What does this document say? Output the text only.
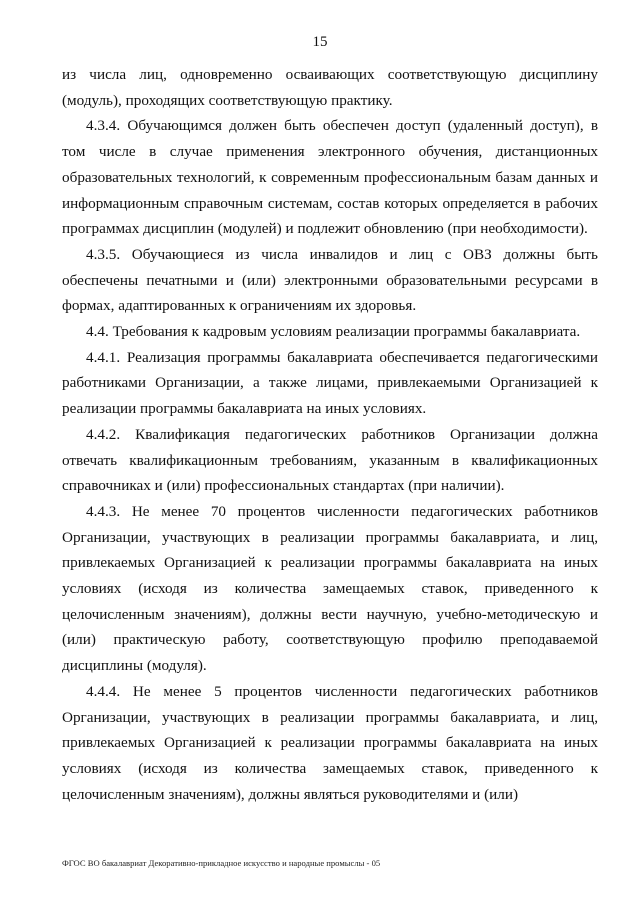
15

из числа лиц, одновременно осваивающих соответствующую дисциплину (модуль), проходящих соответствующую практику.

4.3.4. Обучающимся должен быть обеспечен доступ (удаленный доступ), в том числе в случае применения электронного обучения, дистанционных образовательных технологий, к современным профессиональным базам данных и информационным справочным системам, состав которых определяется в рабочих программах дисциплин (модулей) и подлежит обновлению (при необходимости).

4.3.5. Обучающиеся из числа инвалидов и лиц с ОВЗ должны быть обеспечены печатными и (или) электронными образовательными ресурсами в формах, адаптированных к ограничениям их здоровья.

4.4. Требования к кадровым условиям реализации программы бакалавриата.

4.4.1. Реализация программы бакалавриата обеспечивается педагогическими работниками Организации, а также лицами, привлекаемыми Организацией к реализации программы бакалавриата на иных условиях.

4.4.2. Квалификация педагогических работников Организации должна отвечать квалификационным требованиям, указанным в квалификационных справочниках и (или) профессиональных стандартах (при наличии).

4.4.3. Не менее 70 процентов численности педагогических работников Организации, участвующих в реализации программы бакалавриата, и лиц, привлекаемых Организацией к реализации программы бакалавриата на иных условиях (исходя из количества замещаемых ставок, приведенного к целочисленным значениям), должны вести научную, учебно-методическую и (или) практическую работу, соответствующую профилю преподаваемой дисциплины (модуля).

4.4.4. Не менее 5 процентов численности педагогических работников Организации, участвующих в реализации программы бакалавриата, и лиц, привлекаемых Организацией к реализации программы бакалавриата на иных условиях (исходя из количества замещаемых ставок, приведенного к целочисленным значениям), должны являться руководителями и (или)

ФГОС ВО бакалавриат Декоративно-прикладное искусство и народные промыслы - 05
